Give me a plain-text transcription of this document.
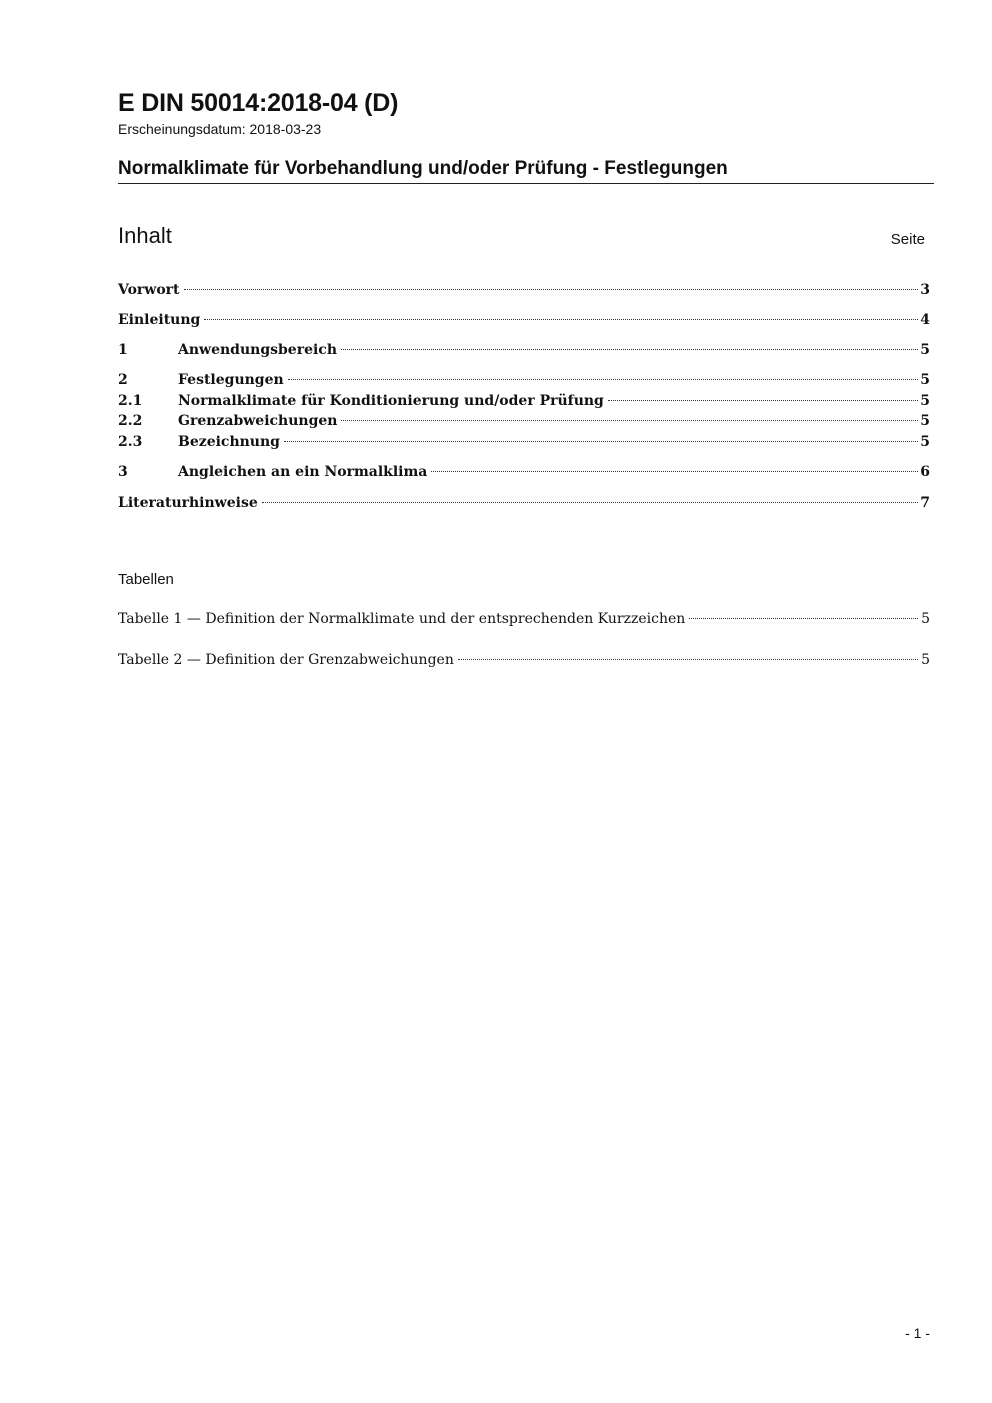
E DIN 50014:2018-04 (D)
Erscheinungsdatum: 2018-03-23
Normalklimate für Vorbehandlung und/oder Prüfung - Festlegungen
Inhalt	Seite
Vorwort	3
Einleitung	4
1	Anwendungsbereich	5
2	Festlegungen	5
2.1	Normalklimate für Konditionierung und/oder Prüfung	5
2.2	Grenzabweichungen	5
2.3	Bezeichnung	5
3	Angleichen an ein Normalklima	6
Literaturhinweise	7
Tabellen
Tabelle 1 — Definition der Normalklimate und der entsprechenden Kurzzeichen	5
Tabelle 2 — Definition der Grenzabweichungen	5
- 1 -
